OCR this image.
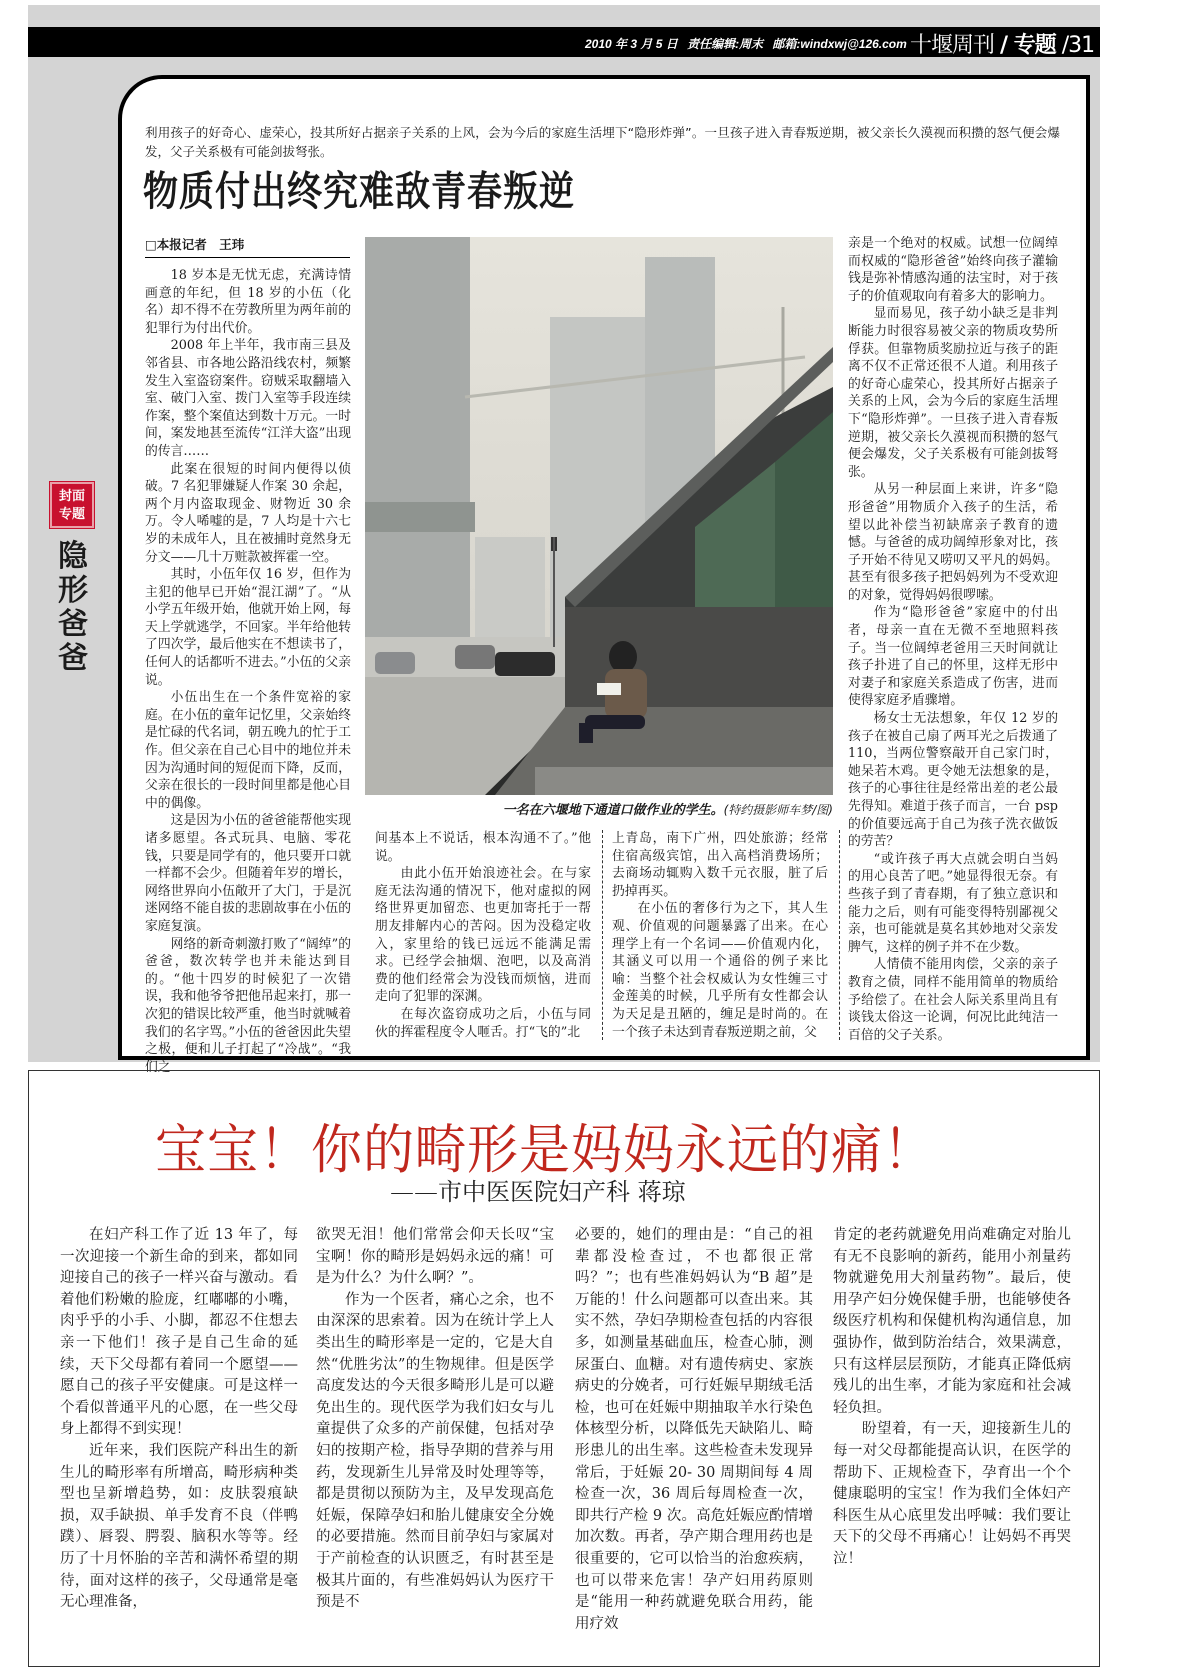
2010 年 3 月 5 日 责任编辑:周末 邮箱:windxwj@126.com 十堰周刊 / 专题 /31
封面
专题
隐形爸爸
利用孩子的好奇心、虚荣心，投其所好占据亲子关系的上风，会为今后的家庭生活埋下“隐形炸弹”。一旦孩子进入青春叛逆期，被父亲长久漠视而积攒的怒气便会爆发，父子关系极有可能剑拔弩张。
物质付出终究难敌青春叛逆
□本报记者　王玮

18 岁本是无忧无虑，充满诗情画意的年纪，但 18 岁的小伍（化名）却不得不在劳教所里为两年前的犯罪行为付出代价。

2008 年上半年，我市南三县及邻省县、市各地公路沿线农村，频繁发生入室盗窃案件。窃贼采取翻墙入室、破门入室、拨门入室等手段连续作案，整个案值达到数十万元。一时间，案发地甚至流传“江洋大盗”出现的传言……

此案在很短的时间内便得以侦破。7 名犯罪嫌疑人作案 30 余起，两个月内盗取现金、财物近 30 余万。令人唏嘘的是，7 人均是十六七岁的未成年人，且在被捕时竟然身无分文——几十万赃款被挥霍一空。

其时，小伍年仅 16 岁，但作为主犯的他早已开始“混江湖”了。“从小学五年级开始，他就开始上网，每天上学就逃学，不回家。半年给他转了四次学，最后他实在不想读书了，任何人的话都听不进去。”小伍的父亲说。

小伍出生在一个条件宽裕的家庭。在小伍的童年记忆里，父亲始终是忙碌的代名词，朝五晚九的忙于工作。但父亲在自己心目中的地位并未因为沟通时间的短促而下降，反而，父亲在很长的一段时间里都是他心目中的偶像。

这是因为小伍的爸爸能帮他实现诸多愿望。各式玩具、电脑、零花钱，只要是同学有的，他只要开口就一样都不会少。但随着年岁的增长，网络世界向小伍敞开了大门，于是沉迷网络不能自拔的悲剧故事在小伍的家庭复演。

网络的新奇刺激打败了“阔绰”的爸爸，数次转学也并未能达到目的。“他十四岁的时候犯了一次错误，我和他爷爷把他吊起来打，那一次犯的错误比较严重，他当时就喊着我们的名字骂。”小伍的爸爸因此失望之极，便和儿子打起了“冷战”。“我们之

间基本上不说话，根本沟通不了。”他说。

由此小伍开始浪迹社会。在与家庭无法沟通的情况下，他对虚拟的网络世界更加留恋、也更加寄托于一帮朋友排解内心的苦闷。因为没稳定收入，家里给的钱已远远不能满足需求。已经学会抽烟、泡吧，以及高消费的他们经常会为没钱而烦恼，进而走向了犯罪的深渊。

在每次盗窃成功之后，小伍与同伙的挥霍程度令人咂舌。打“飞的”北

上青岛，南下广州，四处旅游；经常住宿高级宾馆，出入高档消费场所；去商场动辄购入数千元衣服，脏了后扔掉再买。

在小伍的奢侈行为之下，其人生观、价值观的问题暴露了出来。在心理学上有一个名词——价值观内化，其涵义可以用一个通俗的例子来比喻：当整个社会权威认为女性缠三寸金莲美的时候，几乎所有女性都会认为天足是丑陋的，缠足是时尚的。在一个孩子未达到青春叛逆期之前，父

亲是一个绝对的权威。试想一位阔绰而权威的“隐形爸爸”始终向孩子灌输钱是弥补情感沟通的法宝时，对于孩子的价值观取向有着多大的影响力。

显而易见，孩子幼小缺乏是非判断能力时很容易被父亲的物质攻势所俘获。但靠物质奖励拉近与孩子的距离不仅不正常还很不人道。利用孩子的好奇心虚荣心，投其所好占据亲子关系的上风，会为今后的家庭生活埋下“隐形炸弹”。一旦孩子进入青春叛逆期，被父亲长久漠视而积攒的怒气便会爆发，父子关系极有可能剑拔弩张。

从另一种层面上来讲，许多“隐形爸爸”用物质介入孩子的生活，希望以此补偿当初缺席亲子教育的遗憾。与爸爸的成功阔绰形象对比，孩子开始不待见又唠叨又平凡的妈妈。甚至有很多孩子把妈妈列为不受欢迎的对象，觉得妈妈很啰嗦。

作为“隐形爸爸”家庭中的付出者，母亲一直在无微不至地照料孩子。当一位阔绰老爸用三天时间就让孩子扑进了自己的怀里，这样无形中对妻子和家庭关系造成了伤害，进而使得家庭矛盾骤增。

杨女士无法想象，年仅 12 岁的孩子在被自己扇了两耳光之后拨通了 110，当两位警察敲开自己家门时，她呆若木鸡。更令她无法想象的是，孩子的心事往往是经常出差的老公最先得知。难道于孩子而言，一台 psp 的价值要远高于自己为孩子洗衣做饭的劳苦？

“或许孩子再大点就会明白当妈的用心良苦了吧。”她显得很无奈。有些孩子到了青春期，有了独立意识和能力之后，则有可能变得特别鄙视父亲，也可能就是莫名其妙地对父亲发脾气，这样的例子并不在少数。

人情债不能用肉偿，父亲的亲子教育之债，同样不能用简单的物质给予给偿了。在社会人际关系里尚且有谈钱太俗这一论调，何况比此纯洁一百倍的父子关系。

一名在六堰地下通道口做作业的学生。(特约摄影师车梦/图)
宝宝！你的畸形是妈妈永远的痛！
——市中医医院妇产科 蒋琼

在妇产科工作了近 13 年了，每一次迎接一个新生命的到来，都如同迎接自己的孩子一样兴奋与激动。看着他们粉嫩的脸庞，红嘟嘟的小嘴，肉乎乎的小手、小脚，都忍不住想去亲一下他们！孩子是自己生命的延续，天下父母都有着同一个愿望——愿自己的孩子平安健康。可是这样一个看似普通平凡的心愿，在一些父母身上都得不到实现！

近年来，我们医院产科出生的新生儿的畸形率有所增高，畸形病种类型也呈新增趋势，如：皮肤裂痕缺损，双手缺损、单手发育不良（伴鸭蹼）、唇裂、腭裂、脑积水等等。经历了十月怀胎的辛苦和满怀希望的期待，面对这样的孩子，父母通常是毫无心理准备，

欲哭无泪！他们常常会仰天长叹“宝宝啊！你的畸形是妈妈永远的痛！可是为什么？为什么啊？”。

作为一个医者，痛心之余，也不由深深的思索着。因为在统计学上人类出生的畸形率是一定的，它是大自然“优胜劣汰”的生物规律。但是医学高度发达的今天很多畸形儿是可以避免出生的。现代医学为我们妇女与儿童提供了众多的产前保健，包括对孕妇的按期产检，指导孕期的营养与用药，发现新生儿异常及时处理等等，都是贯彻以预防为主，及早发现高危妊娠，保障孕妇和胎儿健康安全分娩的必要措施。然而目前孕妇与家属对于产前检查的认识匮乏，有时甚至是极其片面的，有些准妈妈认为医疗干预是不

必要的，她们的理由是：“自己的祖辈都没检查过，不也都很正常吗？”；也有些准妈妈认为“B 超”是万能的！什么问题都可以查出来。其实不然，孕妇孕期检查包括的内容很多，如测量基础血压，检查心肺，测尿蛋白、血糖。对有遗传病史、家族病史的分娩者，可行妊娠早期绒毛活检，也可在妊娠中期抽取羊水行染色体核型分析，以降低先天缺陷儿、畸形患儿的出生率。这些检查未发现异常后，于妊娠 20- 30 周期间每 4 周检查一次，36 周后每周检查一次，即共行产检 9 次。高危妊娠应酌情增加次数。再者，孕产期合理用药也是很重要的，它可以恰当的治愈疾病，也可以带来危害！孕产妇用药原则是“能用一种药就避免联合用药，能用疗效

肯定的老药就避免用尚难确定对胎儿有无不良影响的新药，能用小剂量药物就避免用大剂量药物”。最后，使用孕产妇分娩保健手册，也能够使各级医疗机构和保健机构沟通信息，加强协作，做到防治结合，效果满意，只有这样层层预防，才能真正降低病残儿的出生率，才能为家庭和社会减轻负担。

盼望着，有一天，迎接新生儿的每一对父母都能提高认识，在医学的帮助下、正规检查下，孕育出一个个健康聪明的宝宝！作为我们全体妇产科医生从心底里发出呼喊：我们要让天下的父母不再痛心！让妈妈不再哭泣！
